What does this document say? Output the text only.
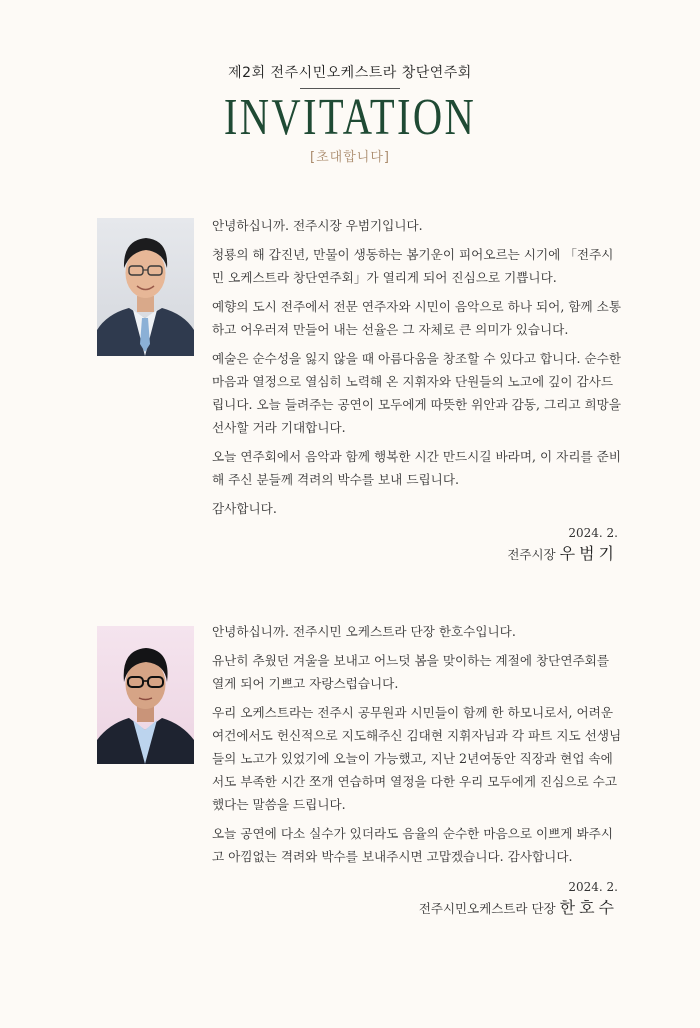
제2회 전주시민오케스트라 창단연주회
INVITATION
[초대합니다]

안녕하십니까. 전주시장 우범기입니다.

청룡의 해 갑진년, 만물이 생동하는 봄기운이 피어오르는 시기에 「전주시민 오케스트라 창단연주회」가 열리게 되어 진심으로 기쁩니다.

예향의 도시 전주에서 전문 연주자와 시민이 음악으로 하나 되어, 함께 소통하고 어우러져 만들어 내는 선율은 그 자체로 큰 의미가 있습니다.

예술은 순수성을 잃지 않을 때 아름다움을 창조할 수 있다고 합니다. 순수한 마음과 열정으로 열심히 노력해 온 지휘자와 단원들의 노고에 깊이 감사드립니다. 오늘 들려주는 공연이 모두에게 따뜻한 위안과 감동, 그리고 희망을 선사할 거라 기대합니다.

오늘 연주회에서 음악과 함께 행복한 시간 만드시길 바라며, 이 자리를 준비해 주신 분들께 격려의 박수를 보내 드립니다.

감사합니다.

2024. 2.
전주시장 우범기

안녕하십니까. 전주시민 오케스트라 단장 한호수입니다.

유난히 추웠던 겨울을 보내고 어느덧 봄을 맞이하는 계절에 창단연주회를 열게 되어 기쁘고 자랑스럽습니다.

우리 오케스트라는 전주시 공무원과 시민들이 함께 한 하모니로서, 어려운 여건에서도 헌신적으로 지도해주신 김대현 지휘자님과 각 파트 지도 선생님들의 노고가 있었기에 오늘이 가능했고, 지난 2년여동안 직장과 현업 속에서도 부족한 시간 쪼개 연습하며 열정을 다한 우리 모두에게 진심으로 수고했다는 말씀을 드립니다.

오늘 공연에 다소 실수가 있더라도 음율의 순수한 마음으로 이쁘게 봐주시고 아낌없는 격려와 박수를 보내주시면 고맙겠습니다. 감사합니다.

2024. 2.
전주시민오케스트라 단장 한호수
